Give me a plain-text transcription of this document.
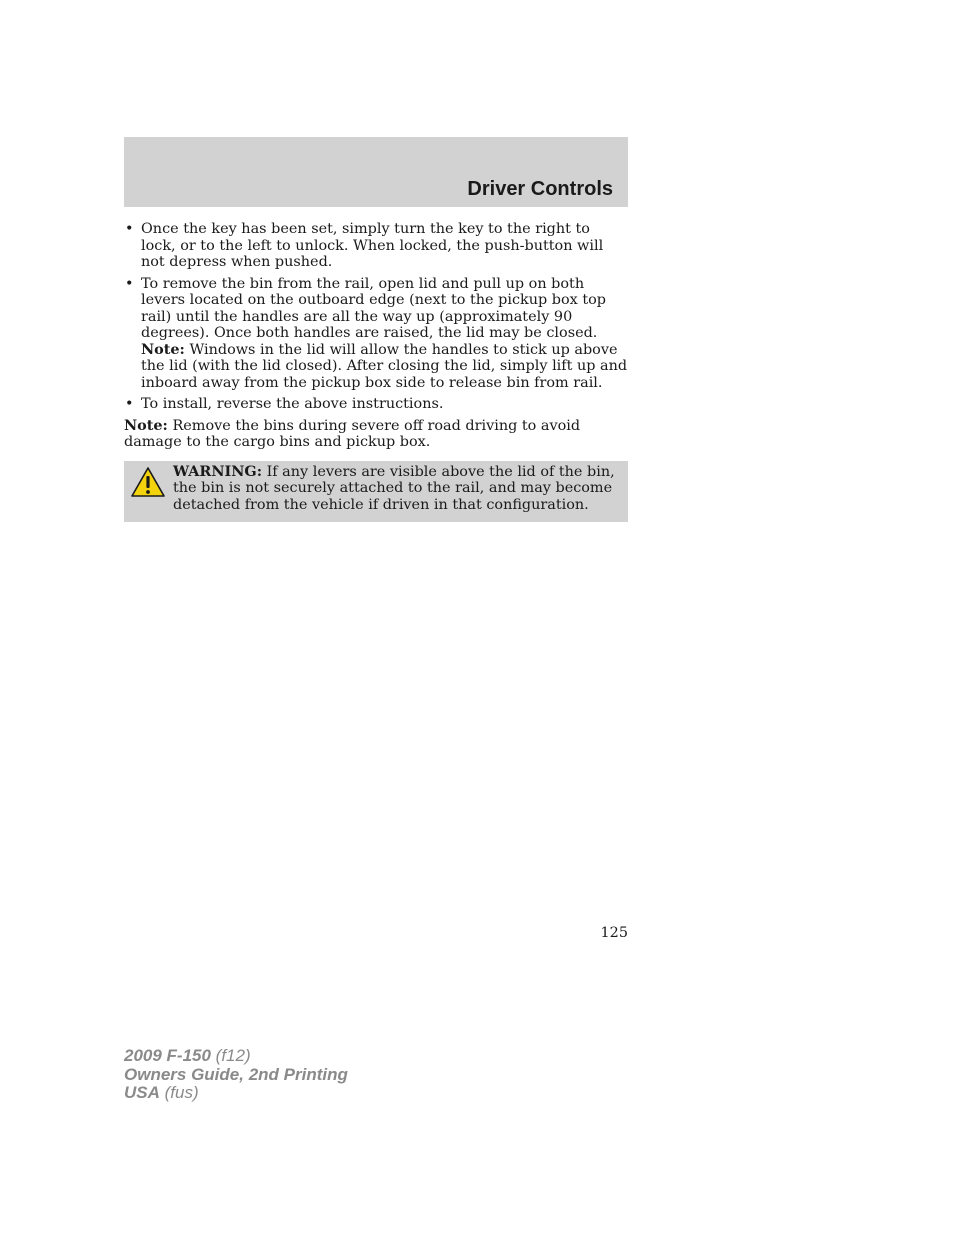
Driver Controls
• Once the key has been set, simply turn the key to the right to lock, or to the left to unlock. When locked, the push-button will not depress when pushed.
• To remove the bin from the rail, open lid and pull up on both levers located on the outboard edge (next to the pickup box top rail) until the handles are all the way up (approximately 90 degrees). Once both handles are raised, the lid may be closed. Note: Windows in the lid will allow the handles to stick up above the lid (with the lid closed). After closing the lid, simply lift up and inboard away from the pickup box side to release bin from rail.
• To install, reverse the above instructions.

Note: Remove the bins during severe off road driving to avoid damage to the cargo bins and pickup box.

WARNING: If any levers are visible above the lid of the bin, the bin is not securely attached to the rail, and may become detached from the vehicle if driven in that configuration.
125
2009 F-150 (f12)
Owners Guide, 2nd Printing
USA (fus)
